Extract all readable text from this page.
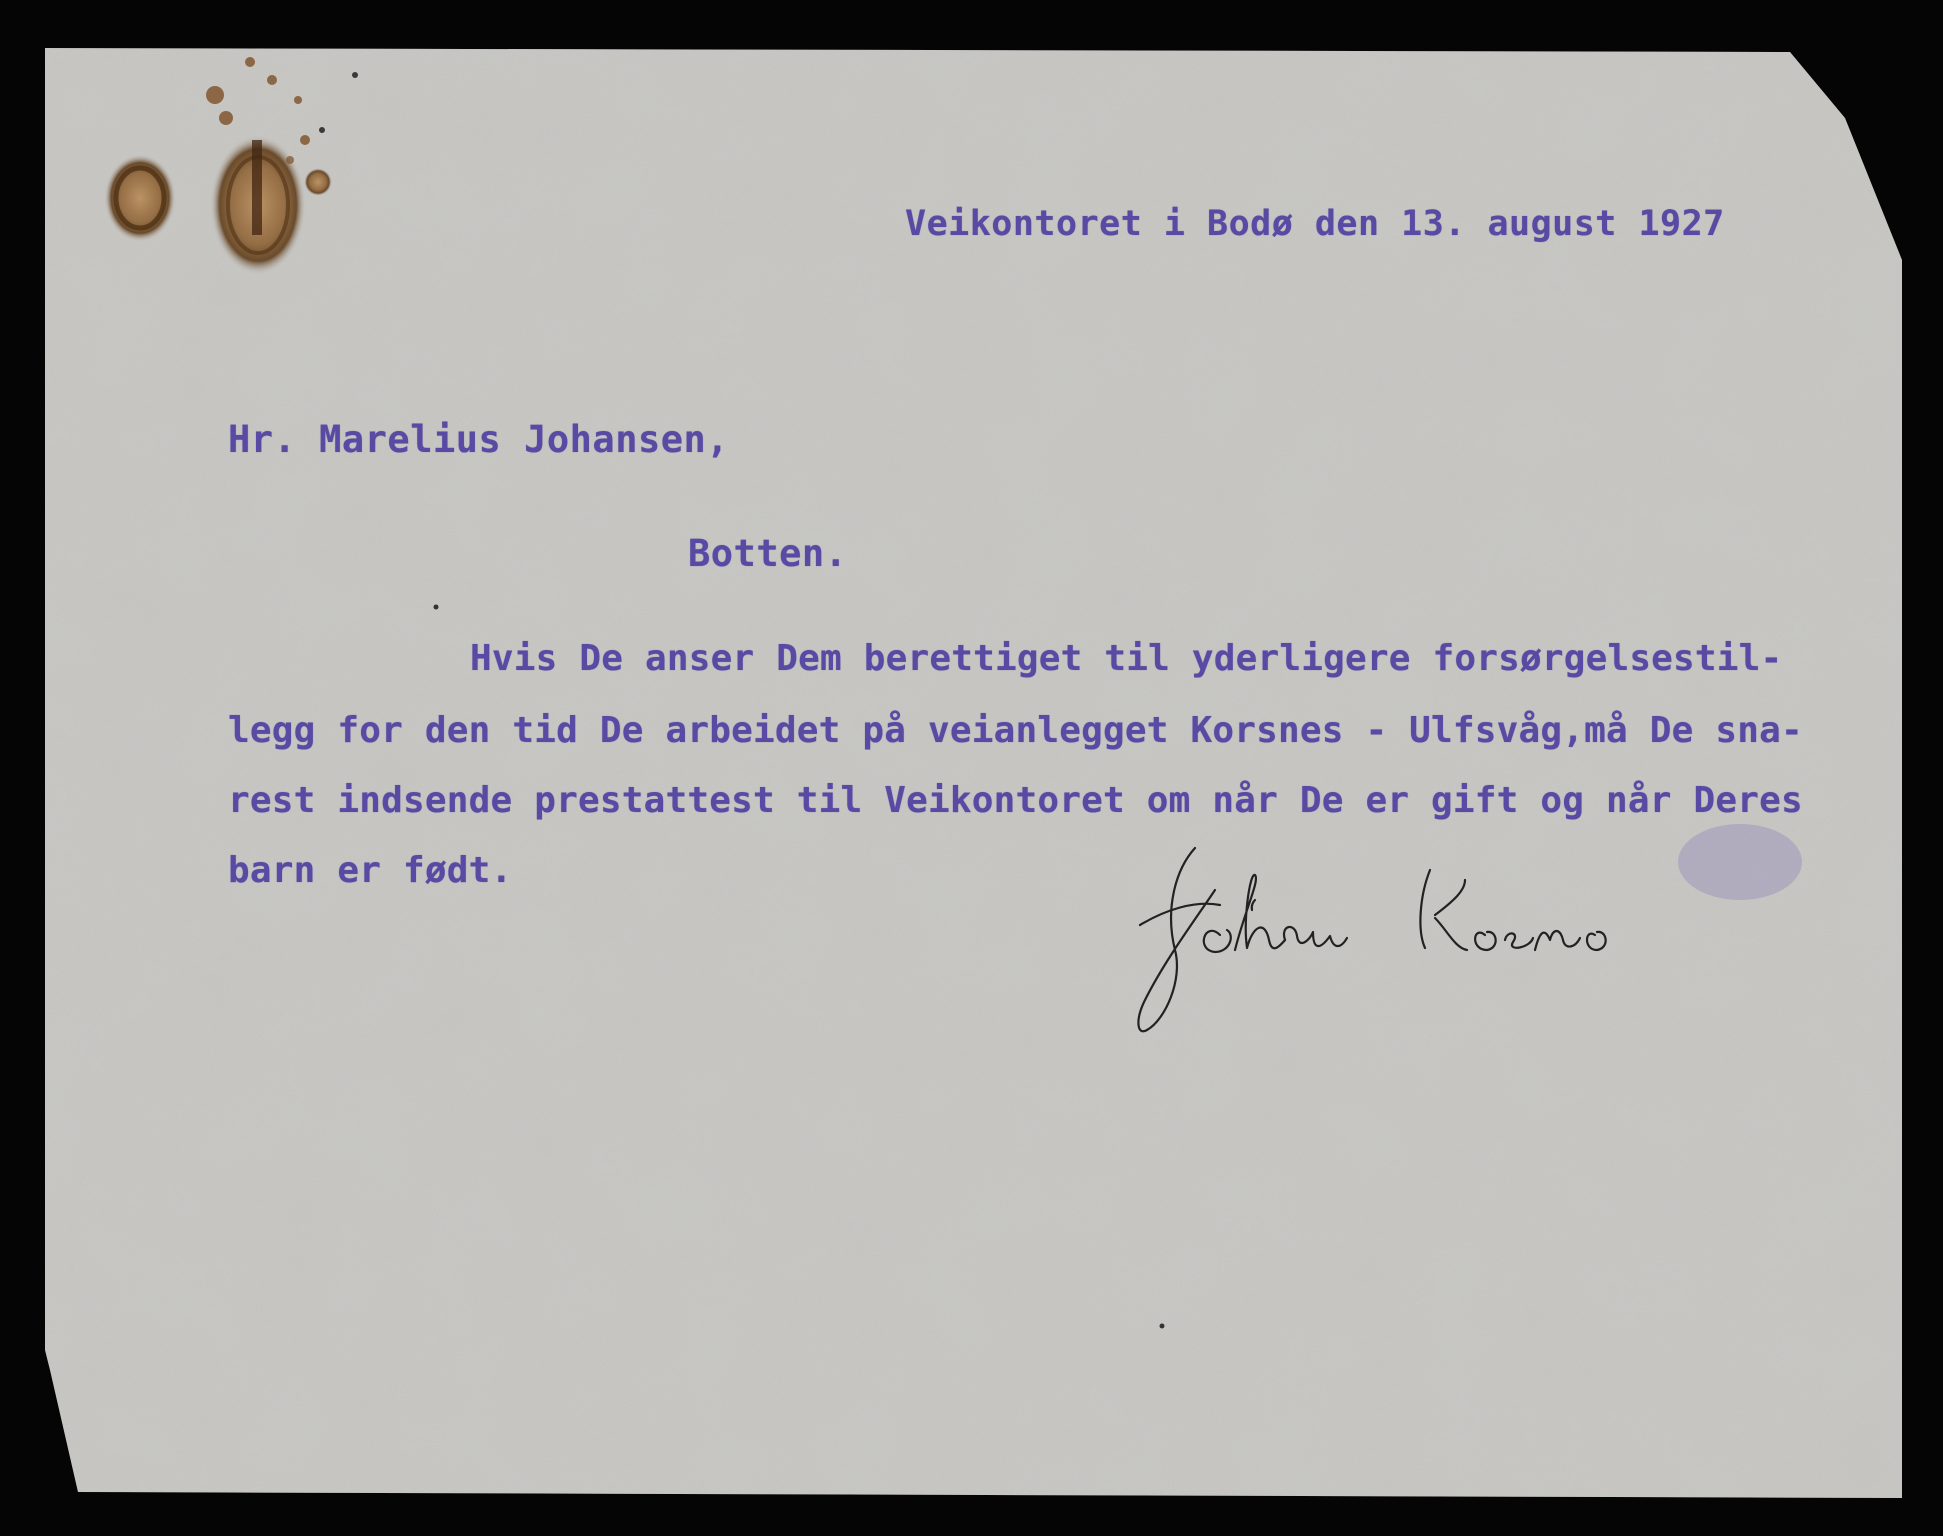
Veikontoret i Bodø den 13. august 1927
Hr. Marelius Johansen,
Botten.
Hvis De anser Dem berettiget til yderligere forsørgelsestil-
legg for den tid De arbeidet på veianlegget Korsnes - Ulfsvåg,må De sna-
rest indsende prestattest til Veikontoret om når De er gift og når Deres
barn er født.
